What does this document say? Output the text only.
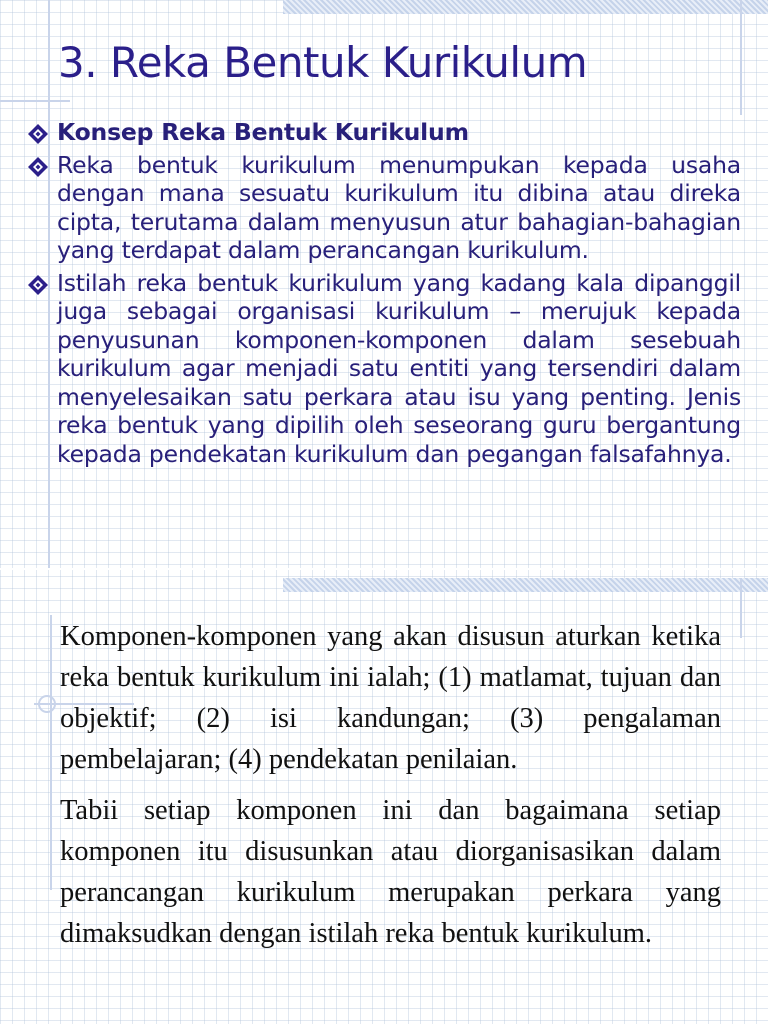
3. Reka Bentuk Kurikulum
Konsep Reka Bentuk Kurikulum
Reka bentuk kurikulum menumpukan kepada usaha dengan mana sesuatu kurikulum itu dibina atau direka cipta, terutama dalam menyusun atur bahagian-bahagian yang terdapat dalam perancangan kurikulum.
Istilah reka bentuk kurikulum yang kadang kala dipanggil juga sebagai organisasi kurikulum – merujuk kepada penyusunan komponen-komponen dalam sesebuah kurikulum agar menjadi satu entiti yang tersendiri dalam menyelesaikan satu perkara atau isu yang penting. Jenis reka bentuk yang dipilih oleh seseorang guru bergantung kepada pendekatan kurikulum dan pegangan falsafahnya.

Komponen-komponen yang akan disusun aturkan ketika reka bentuk kurikulum ini ialah; (1) matlamat, tujuan dan objektif; (2) isi kandungan; (3) pengalaman pembelajaran; (4) pendekatan penilaian.

Tabii setiap komponen ini dan bagaimana setiap komponen itu disusunkan atau diorganisasikan dalam perancangan kurikulum merupakan perkara yang dimaksudkan dengan istilah reka bentuk kurikulum.
